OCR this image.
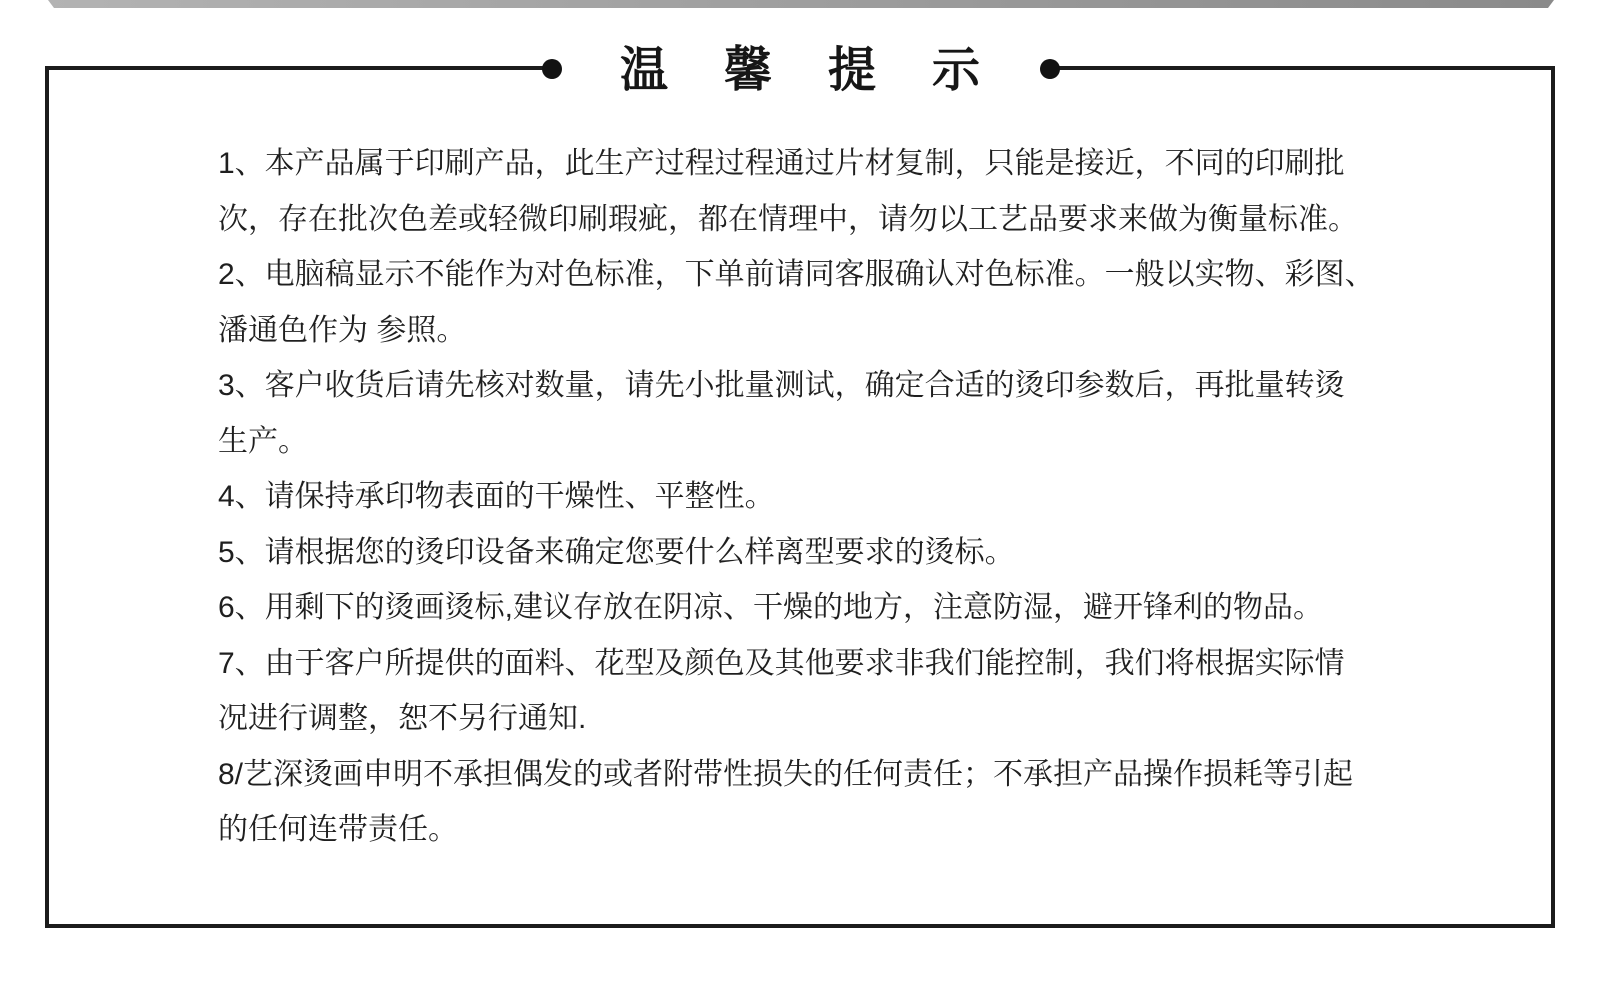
温馨提示
1、本产品属于印刷产品，此生产过程过程通过片材复制，只能是接近，不同的印刷批
次，存在批次色差或轻微印刷瑕疵，都在情理中，请勿以工艺品要求来做为衡量标准。
2、电脑稿显示不能作为对色标准，下单前请同客服确认对色标准。一般以实物、彩图、
潘通色作为 参照。
3、客户收货后请先核对数量，请先小批量测试，确定合适的烫印参数后，再批量转烫
生产。
4、请保持承印物表面的干燥性、平整性。
5、请根据您的烫印设备来确定您要什么样离型要求的烫标。
6、用剩下的烫画烫标,建议存放在阴凉、干燥的地方，注意防湿，避开锋利的物品。
7、由于客户所提供的面料、花型及颜色及其他要求非我们能控制，我们将根据实际情
况进行调整，恕不另行通知.
8/艺深烫画申明不承担偶发的或者附带性损失的任何责任；不承担产品操作损耗等引起
的任何连带责任。
